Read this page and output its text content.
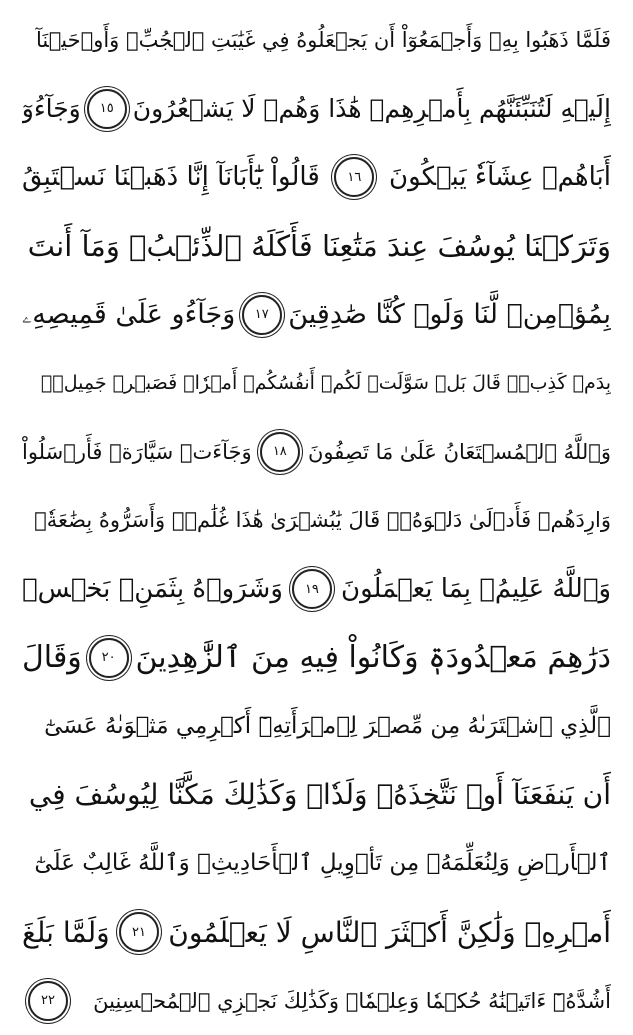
فَلَمَّا ذَهَبُوا بِهِۦ وَأَجۡمَعُوٓاْ أَن يَجۡعَلُوهُ فِي غَيَٰبَتِ ٱلۡجُبِّۚ وَأَوۡحَيۡنَآ
إِلَيۡهِ لَتُنَبِّئَنَّهُم بِأَمۡرِهِمۡ هَٰذَا وَهُمۡ لَا يَشۡعُرُونَ
١٥
وَجَآءُوٓ
أَبَاهُمۡ عِشَآءٗ يَبۡكُونَ
١٦
قَالُواْ يَٰٓأَبَانَآ إِنَّا ذَهَبۡنَا نَسۡتَبِقُ
وَتَرَكۡنَا يُوسُفَ عِندَ مَتَٰعِنَا فَأَكَلَهُ ٱلذِّئۡبُۖ وَمَآ أَنتَ
بِمُؤۡمِنٖ لَّنَا وَلَوۡ كُنَّا صَٰدِقِينَ
١٧
وَجَآءُو عَلَىٰ قَمِيصِهِۦ
بِدَمٖ كَذِبٖۚ قَالَ بَلۡ سَوَّلَتۡ لَكُمۡ أَنفُسُكُمۡ أَمۡرٗاۖ فَصَبۡرٞ جَمِيلٞۖ
وَٱللَّهُ ٱلۡمُسۡتَعَانُ عَلَىٰ مَا تَصِفُونَ
١٨
وَجَآءَتۡ سَيَّارَةٞ فَأَرۡسَلُواْ
وَارِدَهُمۡ فَأَدۡلَىٰ دَلۡوَهُۥۖ قَالَ يَٰبُشۡرَىٰ هَٰذَا غُلَٰمٞۚ وَأَسَرُّوهُ بِضَٰعَةٗۚ
وَٱللَّهُ عَلِيمُۢ بِمَا يَعۡمَلُونَ
١٩
وَشَرَوۡهُ بِثَمَنِۢ بَخۡسٖ
دَرَٰهِمَ مَعۡدُودَةٖ وَكَانُواْ فِيهِ مِنَ ٱلزَّٰهِدِينَ
٢٠
وَقَالَ
ٱلَّذِي ٱشۡتَرَىٰهُ مِن مِّصۡرَ لِٱمۡرَأَتِهِۦٓ أَكۡرِمِي مَثۡوَىٰهُ عَسَىٰٓ
أَن يَنفَعَنَآ أَوۡ نَتَّخِذَهُۥ وَلَدٗاۚ وَكَذَٰلِكَ مَكَّنَّا لِيُوسُفَ فِي
ٱلۡأَرۡضِ وَلِنُعَلِّمَهُۥ مِن تَأۡوِيلِ ٱلۡأَحَادِيثِۚ وَٱللَّهُ غَالِبٌ عَلَىٰٓ
أَمۡرِهِۦ وَلَٰكِنَّ أَكۡثَرَ ٱلنَّاسِ لَا يَعۡلَمُونَ
٢١
وَلَمَّا بَلَغَ
أَشُدَّهُۥٓ ءَاتَيۡنَٰهُ حُكۡمٗا وَعِلۡمٗاۚ وَكَذَٰلِكَ نَجۡزِي ٱلۡمُحۡسِنِينَ
٢٢
